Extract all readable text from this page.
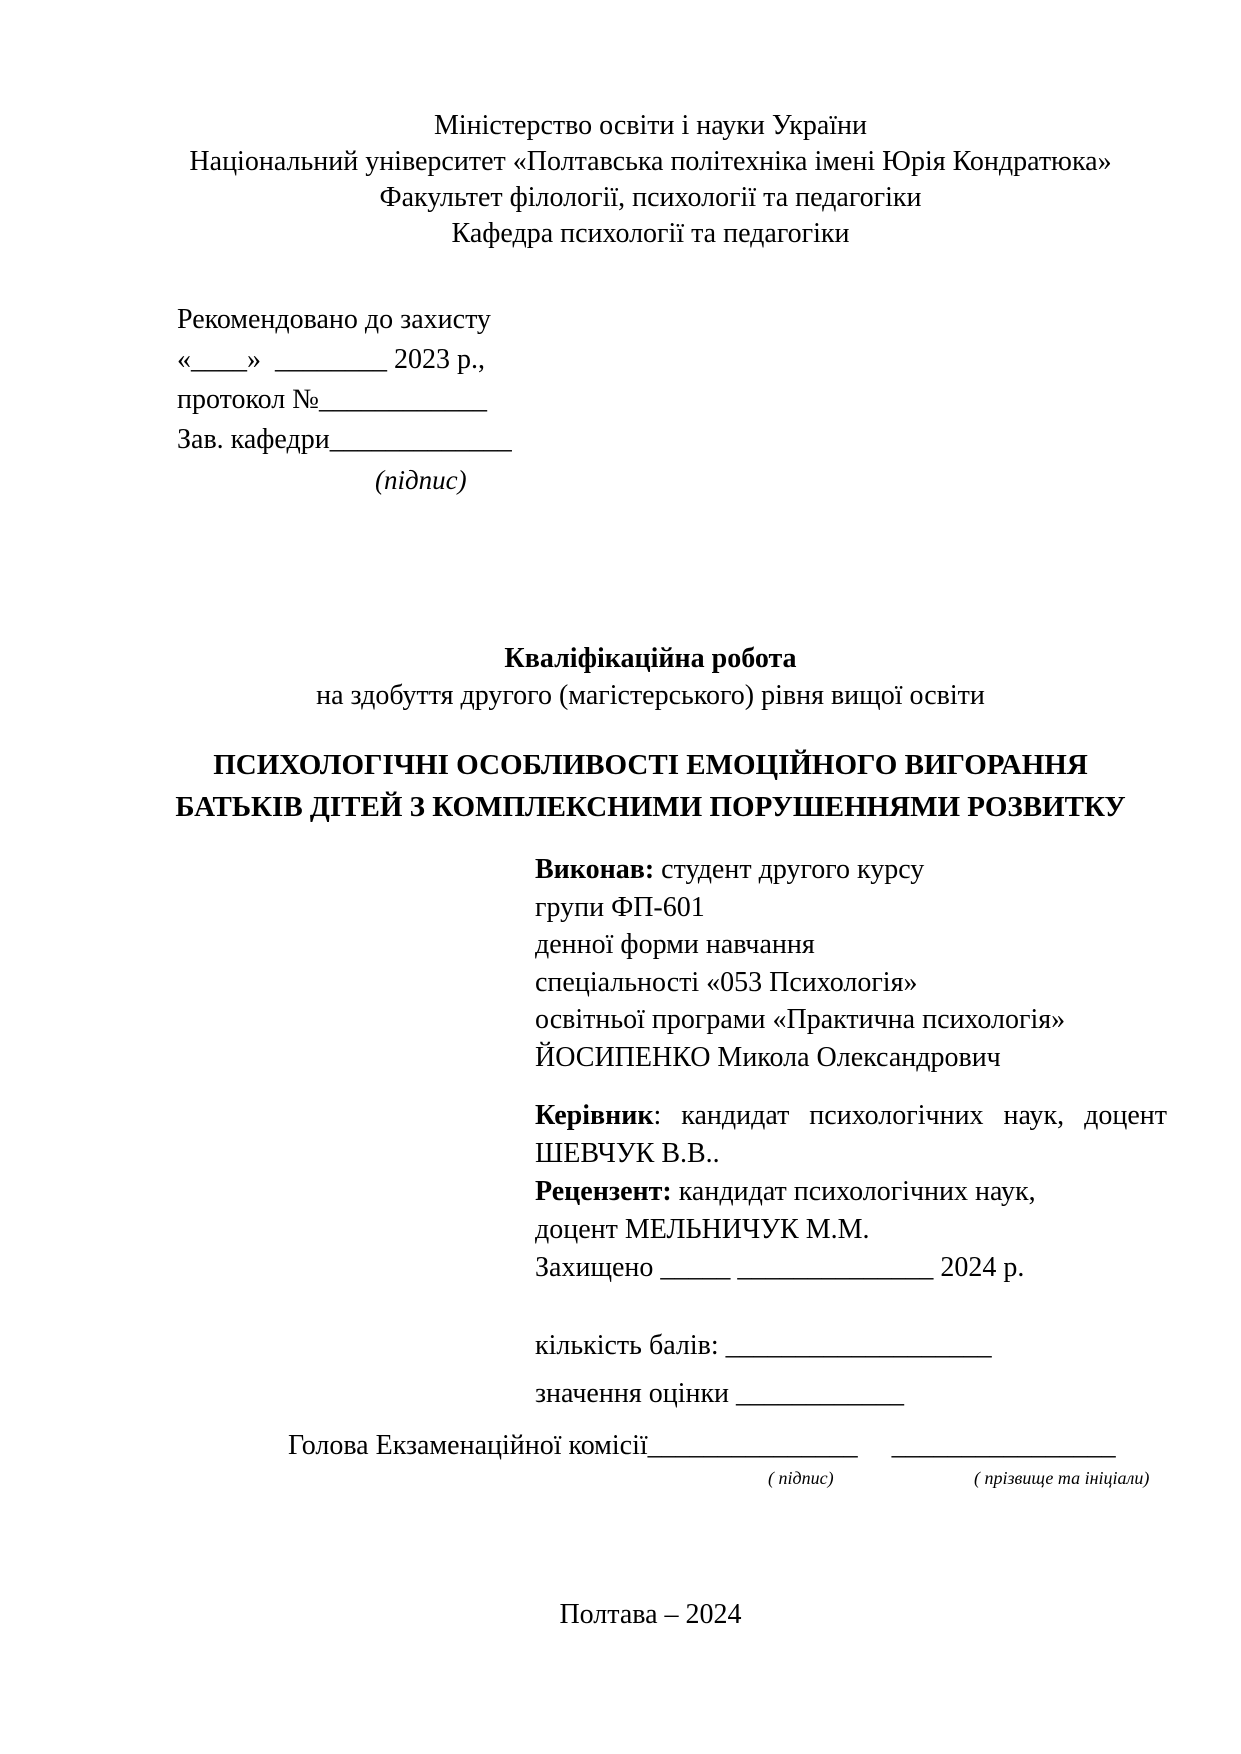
Міністерство освіти і науки України
Національний університет «Полтавська політехніка імені Юрія Кондратюка»
Факультет філології, психології та педагогіки
Кафедра психології та педагогіки
Рекомендовано до захисту
«____»  ________ 2023 р.,
протокол №____________
Зав. кафедри_____________
(підпис)
Кваліфікаційна робота
на здобуття другого (магістерського) рівня вищої освіти
ПСИХОЛОГІЧНІ ОСОБЛИВОСТІ ЕМОЦІЙНОГО ВИГОРАННЯ
БАТЬКІВ ДІТЕЙ З КОМПЛЕКСНИМИ ПОРУШЕННЯМИ РОЗВИТКУ
Виконав: студент другого курсу
групи ФП-601
денної форми навчання
спеціальності «053 Психологія»
освітньої програми «Практична психологія»
ЙОСИПЕНКО Микола Олександрович
Керівник: кандидат психологічних наук, доцент
ШЕВЧУК В.В..
Рецензент: кандидат психологічних наук,
доцент МЕЛЬНИЧУК М.М.
Захищено _____ ______________ 2024 р.
кількість балів: ___________________
значення оцінки ____________
Голова Екзаменаційної комісії_______________ ________________
( підпис)	( прізвище та ініціали)
Полтава – 2024
